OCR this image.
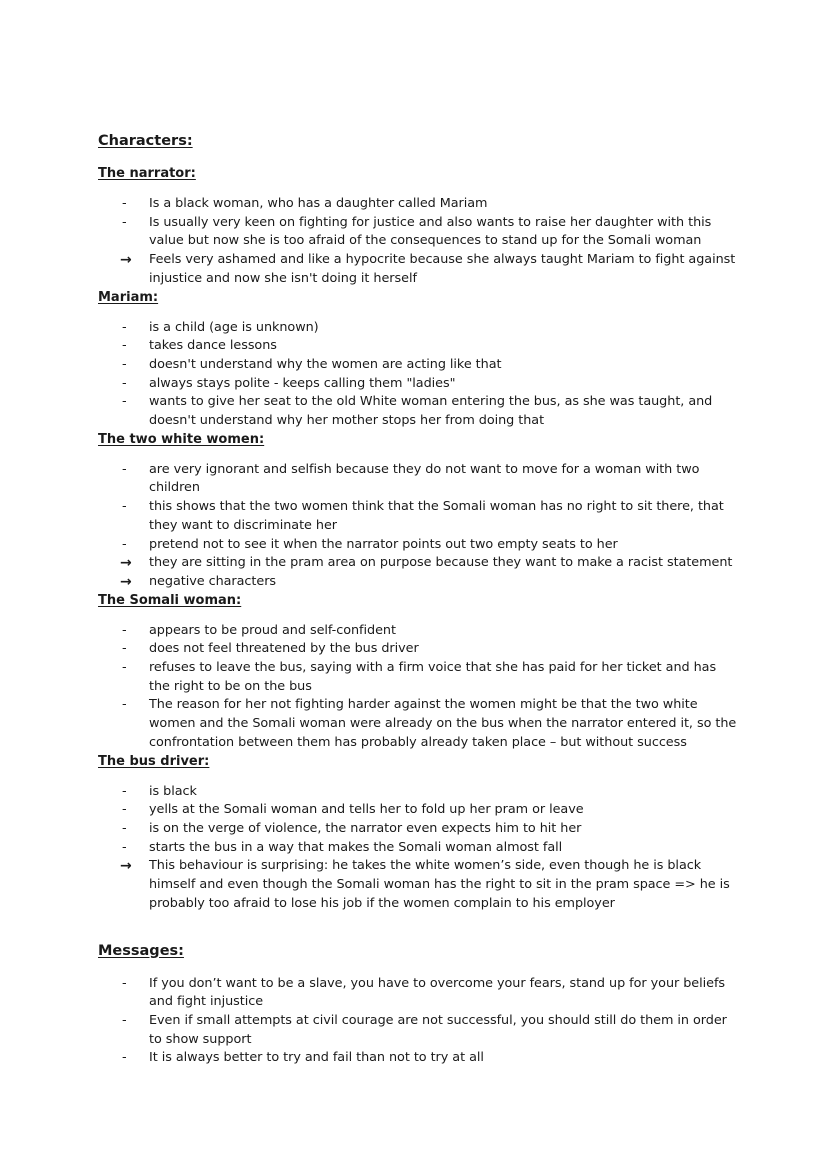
Characters:
The narrator:
-	Is a black woman, who has a daughter called Mariam
-	Is usually very keen on fighting for justice and also wants to raise her daughter with this value but now she is too afraid of the consequences to stand up for the Somali woman
→	Feels very ashamed and like a hypocrite because she always taught Mariam to fight against injustice and now she isn't doing it herself
Mariam:
-	is a child (age is unknown)
-	takes dance lessons
-	doesn't understand why the women are acting like that
-	always stays polite - keeps calling them "ladies"
-	wants to give her seat to the old White woman entering the bus, as she was taught, and doesn't understand why her mother stops her from doing that
The two white women:
-	are very ignorant and selfish because they do not want to move for a woman with two children
-	this shows that the two women think that the Somali woman has no right to sit there, that they want to discriminate her
-	pretend not to see it when the narrator points out two empty seats to her
→	they are sitting in the pram area on purpose because they want to make a racist statement
→	negative characters
The Somali woman:
-	appears to be proud and self-confident
-	does not feel threatened by the bus driver
-	refuses to leave the bus, saying with a firm voice that she has paid for her ticket and has the right to be on the bus
-	The reason for her not fighting harder against the women might be that the two white women and the Somali woman were already on the bus when the narrator entered it, so the confrontation between them has probably already taken place – but without success
The bus driver:
-	is black
-	yells at the Somali woman and tells her to fold up her pram or leave
-	is on the verge of violence, the narrator even expects him to hit her
-	starts the bus in a way that makes the Somali woman almost fall
→	This behaviour is surprising: he takes the white women’s side, even though he is black himself and even though the Somali woman has the right to sit in the pram space => he is probably too afraid to lose his job if the women complain to his employer
Messages:
-	If you don’t want to be a slave, you have to overcome your fears, stand up for your beliefs and fight injustice
-	Even if small attempts at civil courage are not successful, you should still do them in order to show support
-	It is always better to try and fail than not to try at all
